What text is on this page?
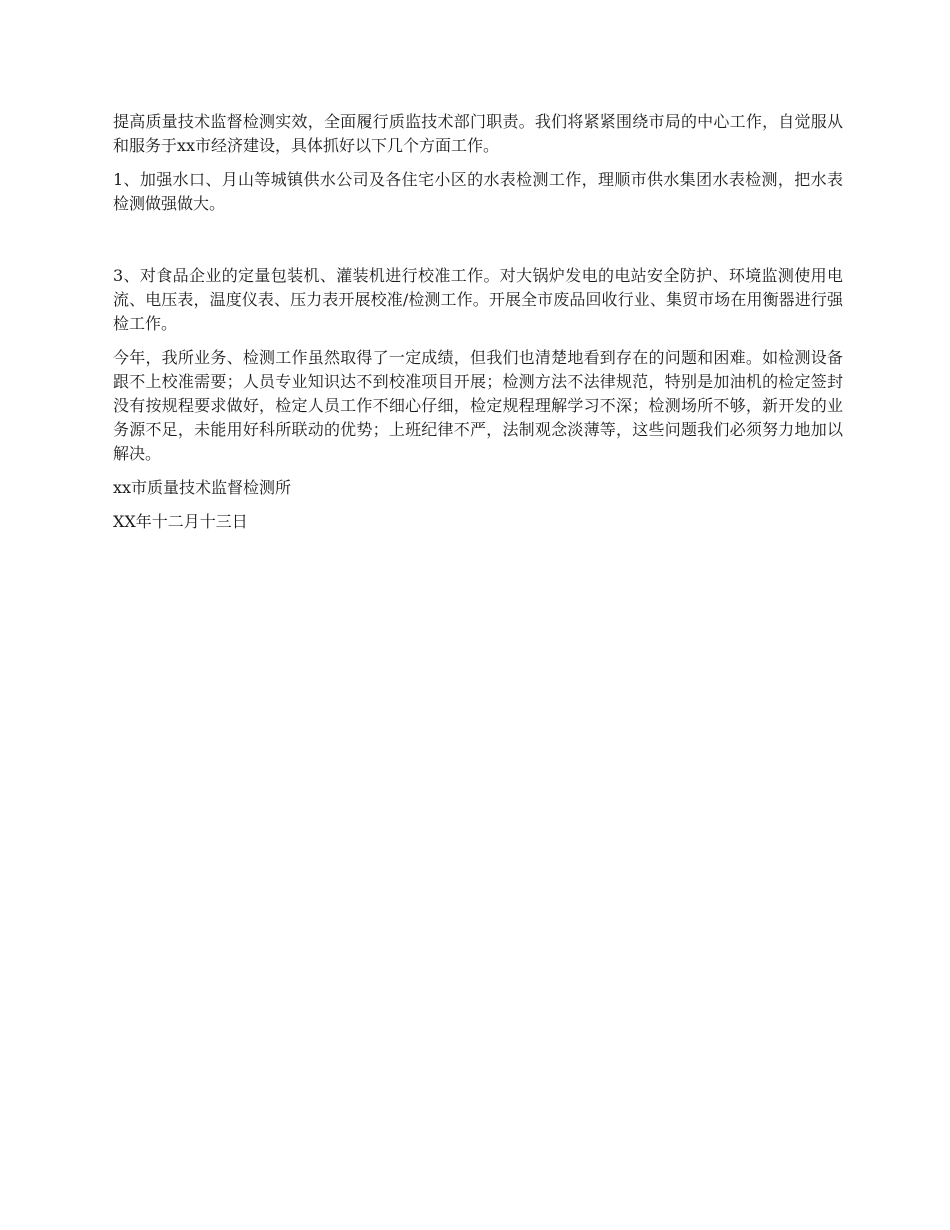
提高质量技术监督检测实效，全面履行质监技术部门职责。我们将紧紧围绕市局的中心工作，自觉服从和服务于xx市经济建设，具体抓好以下几个方面工作。

1、加强水口、月山等城镇供水公司及各住宅小区的水表检测工作，理顺市供水集团水表检测，把水表检测做强做大。

3、对食品企业的定量包装机、灌装机进行校准工作。对大锅炉发电的电站安全防护、环境监测使用电流、电压表，温度仪表、压力表开展校准/检测工作。开展全市废品回收行业、集贸市场在用衡器进行强检工作。

今年，我所业务、检测工作虽然取得了一定成绩，但我们也清楚地看到存在的问题和困难。如检测设备跟不上校准需要；人员专业知识达不到校准项目开展；检测方法不法律规范，特别是加油机的检定签封没有按规程要求做好，检定人员工作不细心仔细，检定规程理解学习不深；检测场所不够，新开发的业务源不足，未能用好科所联动的优势；上班纪律不严，法制观念淡薄等，这些问题我们必须努力地加以解决。

xx市质量技术监督检测所

XX年十二月十三日
